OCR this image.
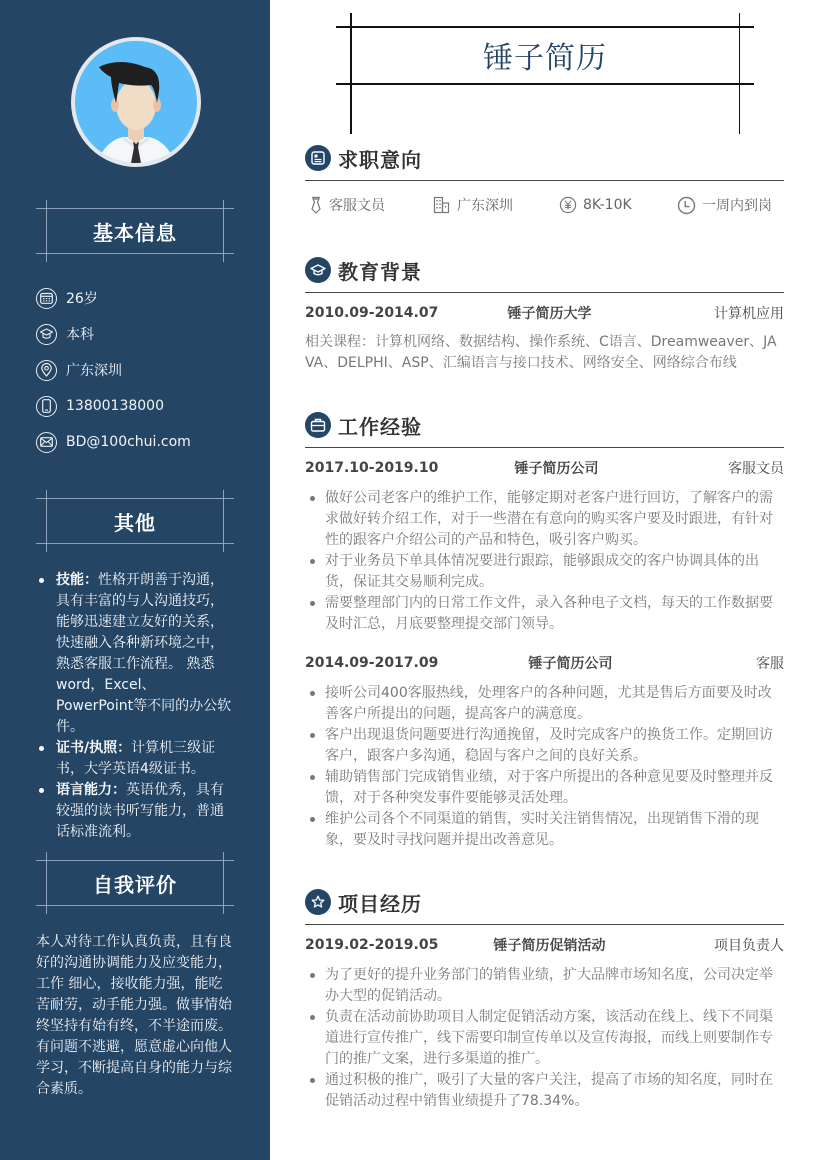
基本信息
26岁
本科
广东深圳
13800138000
BD@100chui.com
其他
技能：性格开朗善于沟通，具有丰富的与人沟通技巧，能够迅速建立友好的关系，快速融入各种新环境之中，熟悉客服工作流程。 熟悉word，Excel、 PowerPoint等不同的办公软件。
证书/执照：计算机三级证书，大学英语4级证书。
语言能力：英语优秀，具有较强的读书听写能力，普通话标准流利。
自我评价

本人对待工作认真负责，且有良好的沟通协调能力及应变能力，工作 细心，接收能力强，能吃苦耐劳，动手能力强。做事情始终坚持有始有终，不半途而废。有问题不逃避，愿意虚心向他人学习，不断提高自身的能力与综合素质。

锤子简历
求职意向
客服文员	广东深圳	8K-10K	一周内到岗
教育背景
2010.09-2014.07	锤子简历大学	计算机应用

相关课程：计算机网络、数据结构、操作系统、C语言、Dreamweaver、JAVA、DELPHI、ASP、汇编语言与接口技术、网络安全、网络综合布线

工作经验
2017.10-2019.10	锤子简历公司	客服文员
做好公司老客户的维护工作，能够定期对老客户进行回访，了解客户的需求做好转介绍工作，对于一些潜在有意向的购买客户要及时跟进，有针对性的跟客户介绍公司的产品和特色，吸引客户购买。
对于业务员下单具体情况要进行跟踪，能够跟成交的客户协调具体的出货，保证其交易顺利完成。
需要整理部门内的日常工作文件，录入各种电子文档，每天的工作数据要及时汇总，月底要整理提交部门领导。
2014.09-2017.09	锤子简历公司	客服
接听公司400客服热线，处理客户的各种问题，尤其是售后方面要及时改善客户所提出的问题，提高客户的满意度。
客户出现退货问题要进行沟通挽留，及时完成客户的换货工作。定期回访客户，跟客户多沟通，稳固与客户之间的良好关系。
辅助销售部门完成销售业绩，对于客户所提出的各种意见要及时整理并反馈，对于各种突发事件要能够灵活处理。
维护公司各个不同渠道的销售，实时关注销售情况，出现销售下滑的现象，要及时寻找问题并提出改善意见。
项目经历
2019.02-2019.05	锤子简历促销活动	项目负责人
为了更好的提升业务部门的销售业绩，扩大品牌市场知名度，公司决定举办大型的促销活动。
负责在活动前协助项目人制定促销活动方案，该活动在线上、线下不同渠道进行宣传推广，线下需要印制宣传单以及宣传海报，而线上则要制作专门的推广文案，进行多渠道的推广。
通过积极的推广，吸引了大量的客户关注，提高了市场的知名度，同时在促销活动过程中销售业绩提升了78.34%。
